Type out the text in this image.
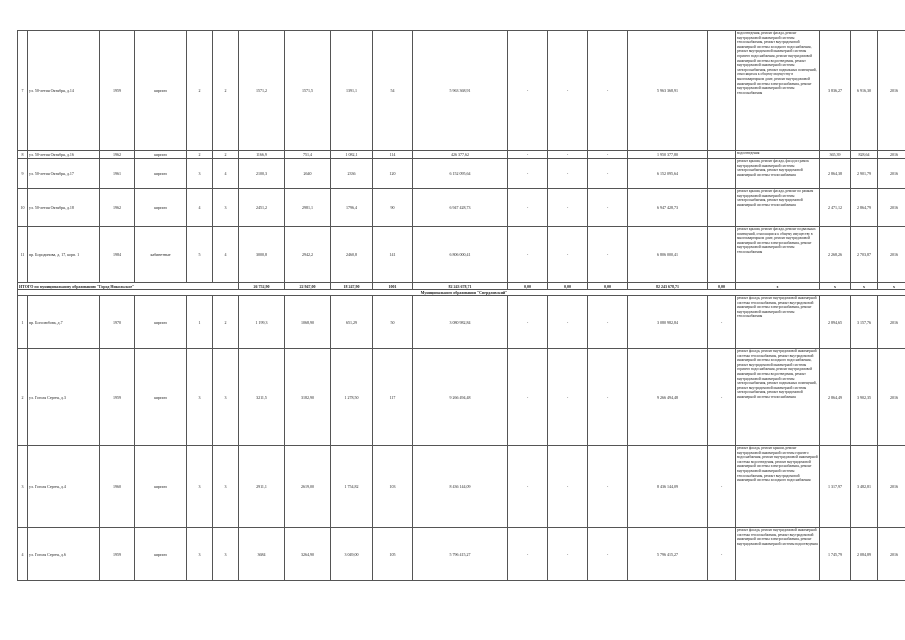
7	ул. 50-летия Октября, д.14	1959	кирпич	2	2	1571,2	1571,5	1391,1	54	5 963 368,91	-	-	-	5 963 368,91		водоотведения, ремонт фасада, ремонт внутридомовой инженерной системы теплоснабжения, ремонт внутридомовой инженерной системы холодного водоснабжения, ремонт внутридомовой инженерной системы горячего водоснабжения, ремонт внутридомовой инженерной системы водоотведения, ремонт внутридомовой инженерной системы электроснабжения, ремонт подвальных помещений, относящихся к общему имуществу в многоквартирном доме, ремонт внутридомовой инженерной системы электроснабжения, ремонт внутридомовой инженерной системы теплоснабжения	3 836,27	6 916,30	2016
8	ул. 50-летия Октября, д.16	1962	кирпич	2	2	1166,9	751,4	1 082,1	114	426 377,62	-	-	-	1 950 377,80		водоотведения	365,39	828,64	2016
9	ул. 50-летия Октября, д.17	1961	кирпич	3	4	2100,3	2640	2336	120	6 152 095,64	-	-	-	6 152 095,64		ремонт крыши, ремонт фасада, фасад из рамок внутридомовой инженерной системы электроснабжения, ремонт внутридомовой инженерной системы теплоснабжения	2 864,38	2 901,79	2016
10	ул. 50-летия Октября, д.18	1962	кирпич	4	3	2451,2	2981,1	1796,4	90	6 947 428,73	-	-	-	6 947 428,73		ремонт крыши, ремонт фасада, ремонт по рамкам внутридомовой инженерной системы электроснабжения, ремонт внутридомовой инженерной системы теплоснабжения	2 471,12	2 864,79	2016
11	пр. Бородинова, д. 17, корп. 1	1984	кабинетные	5	4	3000,8	2942,2	2460,8	141	6 806 000,41	-	-	-	6 806 000,41		ремонт крыши, ремонт фасада, ремонт подвальных помещений, относящихся к общему имуществу в многоквартирном доме, ремонт внутридомовой инженерной системы электроснабжения, ремонт внутридомовой инженерной системы теплоснабжения	2 268,26	2 703,87	2016
ИТОГО по муниципальному образованию "Город Никольское"						26 752,90	22 947,00	18 247,90	1001	82 243 678,71	0,00	0,00	0,00	82 243 678,71	0,00	x	x	x	x
Муниципального образования "Свердловский"																			
1	пр. Боголюбова, д.7	1970	кирпич	1	2	1 199,3	1068,90	651,29	50	3 080 982,84	-	-	-	3 080 982,84	-	ремонт фасада, ремонт внутридомовой инженерной системы теплоснабжения, ремонт внутридомовой инженерной системы электроснабжения, ремонт внутридомовой инженерной системы теплоснабжения	2 894,65	3 157,76	2016
2	ул. Гоголя Сергея, д.3	1959	кирпич	3	3	3211,5	3182,90	1 278,50	117	9 266 494,48	-	-	-	9 266 494,48	-	ремонт фасада, ремонт внутридомовой инженерной системы теплоснабжения, ремонт внутридомовой инженерной системы холодного водоснабжения, ремонт внутридомовой инженерной системы горячего водоснабжения, ремонт внутридомовой инженерной системы водоотведения, ремонт внутридомовой инженерной системы электроснабжения, ремонт подвальных помещений, ремонт внутридомовой инженерной системы электроснабжения, ремонт внутридомовой инженерной системы теплоснабжения	2 864,49	3 902,35	2016
3	ул. Гоголя Сергея, д.4	1960	кирпич	3	3	2911,1	2619,00	1 754,82	103	8 436 144,09	-	-	-	8 436 144,09	-	ремонт фасада, ремонт крыши, ремонт внутридомовой инженерной системы горячего водоснабжения, ремонт внутридомовой инженерной системы водоотведения, ремонт внутридомовой инженерной системы электроснабжения, ремонт внутридомовой инженерной системы теплоснабжения, ремонт внутридомовой инженерной системы холодного водоснабжения	1 317,97	3 482,81	2016
4	ул. Гоголя Сергея, д.6	1959	кирпич	3	3	3684	3264,90	3 049,00	105	5 796 415,27	-	-	-	5 796 415,27	-	ремонт фасада, ремонт внутридомовой инженерной системы теплоснабжения, ремонт внутридомовой инженерной системы электроснабжения, ремонт внутридомовой инженерной системы водоотведения	1 745,79	2 084,89	2016
